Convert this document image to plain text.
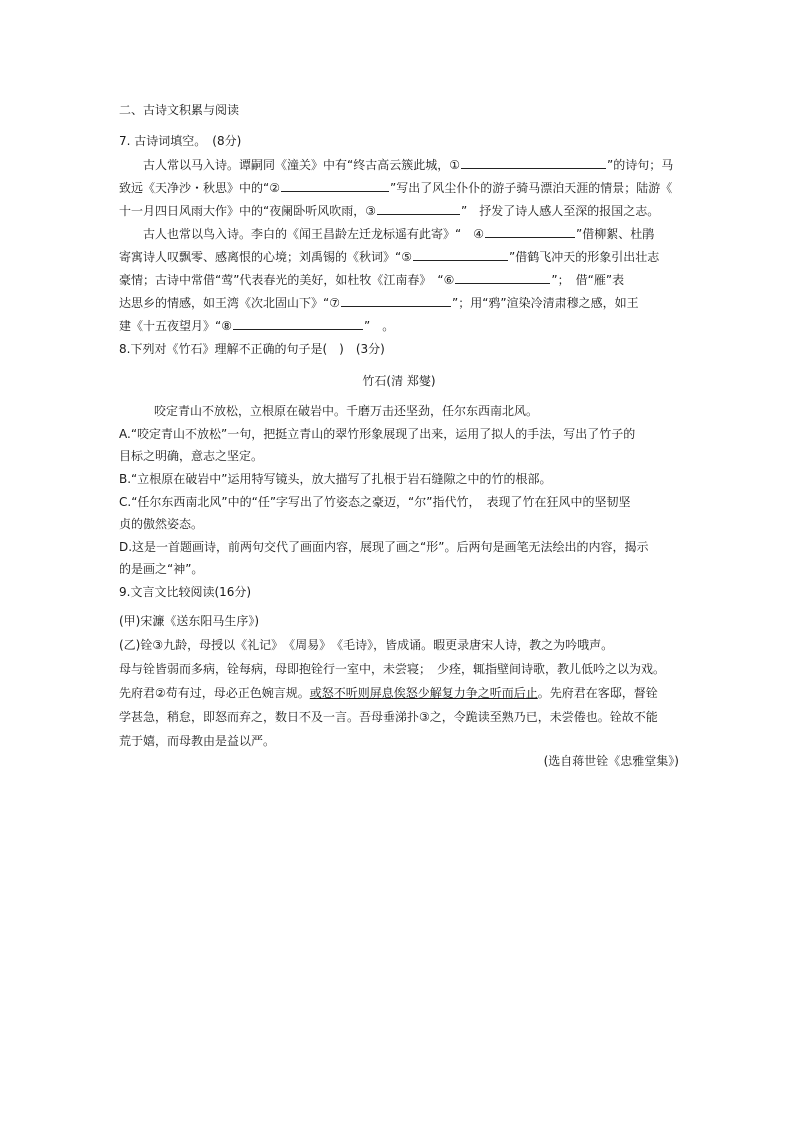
二、古诗文积累与阅读
7. 古诗词填空。　(8分)
古人常以马入诗。谭嗣同《潼关》中有“终古高云簇此城，①	”的诗句；马
致远《天净沙・秋思》中的“②	”写出了风尘仆仆的游子骑马漂泊天涯的情景；陆游《
十一月四日风雨大作》中的“夜阑卧听风吹雨，③	”　抒发了诗人感人至深的报国之志。
古人也常以鸟入诗。李白的《闻王昌龄左迁龙标遥有此寄》“　④	”借柳絮、杜鹃
寄寓诗人叹飘零、感离恨的心境；刘禹锡的《秋词》“⑤	”借鹤飞冲天的形象引出壮志
豪情；古诗中常借“莺”代表春光的美好，如杜牧《江南春》　“⑥	”；　借“雁”表
达思乡的情感，如王湾《次北固山下》“⑦	”；用“鸦”渲染冷清肃穆之感，如王
建《十五夜望月》“⑧	”　。
8.下列对《竹石》理解不正确的句子是(　)　(3分)
竹石(清 郑燮)
咬定青山不放松，立根原在破岩中。千磨万击还坚劲，任尔东西南北风。
A.“咬定青山不放松”一句，把挺立青山的翠竹形象展现了出来，运用了拟人的手法，写出了竹子的
目标之明确，意志之坚定。
B.“立根原在破岩中”运用特写镜头，放大描写了扎根于岩石缝隙之中的竹的根部。
C.“任尔东西南北风”中的“任”字写出了竹姿态之豪迈，“尔”指代竹，　表现了竹在狂风中的坚韧坚
贞的傲然姿态。
D.这是一首题画诗，前两句交代了画面内容，展现了画之“形”。后两句是画笔无法绘出的内容，揭示
的是画之“神”。
9.文言文比较阅读(16分)
(甲)宋濂《送东阳马生序》)
(乙)铨③九龄，母授以《礼记》　《周易》　《毛诗》，皆成诵。暇更录唐宋人诗，教之为吟哦声。
母与铨皆弱而多病，铨每病，母即抱铨行一室中，未尝寝；　少痊，辄指壁间诗歌，教儿低吟之以为戏。
先府君②苟有过，母必正色婉言规。或怒不听则屏息俟怒少解复力争之听而后止。先府君在客邸，督铨
学甚急，稍怠，即怒而弃之，数日不及一言。吾母垂涕扑③之，令跪读至熟乃已，未尝倦也。铨故不能
荒于嬉，而母教由是益以严。
(选自蒋世铨《忠雅堂集》)
